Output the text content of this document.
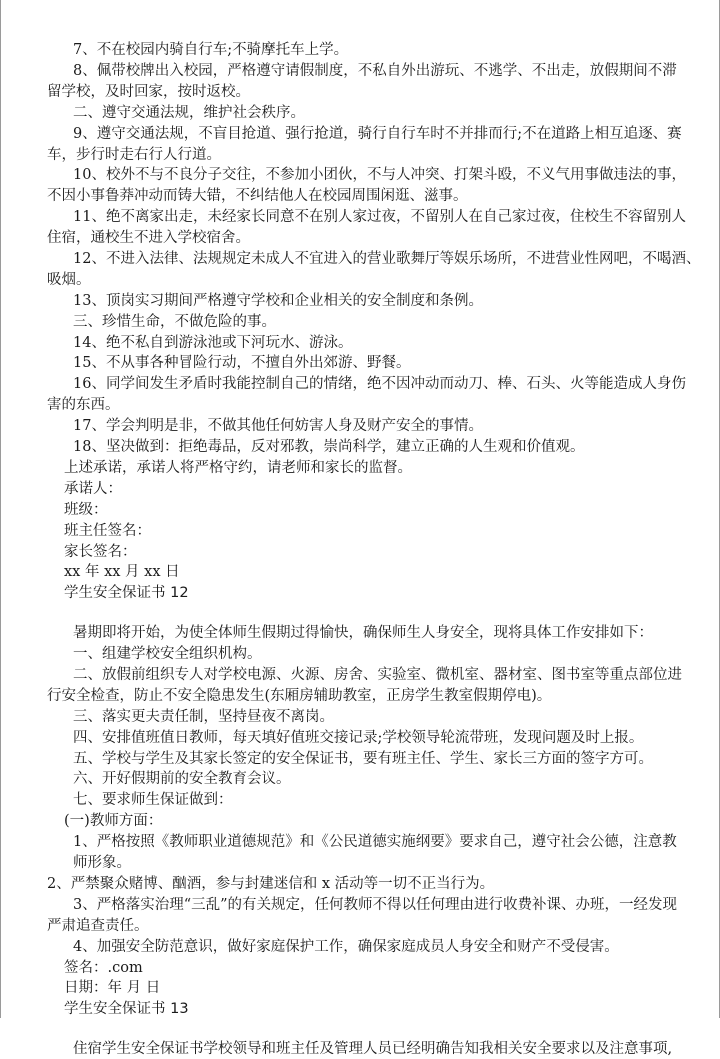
7、不在校园内骑自行车;不骑摩托车上学。
8、佩带校牌出入校园，严格遵守请假制度，不私自外出游玩、不逃学、不出走，放假期间不滞
留学校，及时回家，按时返校。
二、遵守交通法规，维护社会秩序。
9、遵守交通法规，不盲目抢道、强行抢道，骑行自行车时不并排而行;不在道路上相互追逐、赛
车，步行时走右行人行道。
10、校外不与不良分子交往，不参加小团伙，不与人冲突、打架斗殴，不义气用事做违法的事，
不因小事鲁莽冲动而铸大错，不纠结他人在校园周围闲逛、滋事。
11、绝不离家出走，未经家长同意不在别人家过夜，不留别人在自己家过夜，住校生不容留别人
住宿，通校生不进入学校宿舍。
12、不进入法律、法规规定未成人不宜进入的营业歌舞厅等娱乐场所，不进营业性网吧，不喝酒、
吸烟。
13、顶岗实习期间严格遵守学校和企业相关的安全制度和条例。
三、珍惜生命，不做危险的事。
14、绝不私自到游泳池或下河玩水、游泳。
15、不从事各种冒险行动，不擅自外出郊游、野餐。
16、同学间发生矛盾时我能控制自己的情绪，绝不因冲动而动刀、棒、石头、火等能造成人身伤
害的东西。
17、学会判明是非，不做其他任何妨害人身及财产安全的事情。
18、坚决做到：拒绝毒品，反对邪教，崇尚科学，建立正确的人生观和价值观。
上述承诺，承诺人将严格守约，请老师和家长的监督。
承诺人：
班级：
班主任签名：
家长签名：
xx 年 xx 月 xx 日
学生安全保证书 12
暑期即将开始，为使全体师生假期过得愉快，确保师生人身安全，现将具体工作安排如下：
一、组建学校安全组织机构。
二、放假前组织专人对学校电源、火源、房舍、实验室、微机室、器材室、图书室等重点部位进
行安全检查，防止不安全隐患发生(东厢房辅助教室，正房学生教室假期停电)。
三、落实更夫责任制，坚持昼夜不离岗。
四、安排值班值日教师，每天填好值班交接记录;学校领导轮流带班，发现问题及时上报。
五、学校与学生及其家长签定的安全保证书，要有班主任、学生、家长三方面的签字方可。
六、开好假期前的安全教育会议。
七、要求师生保证做到：
(一)教师方面：
1、严格按照《教师职业道德规范》和《公民道德实施纲要》要求自己，遵守社会公德，注意教
师形象。
2、严禁聚众赌博、酗酒，参与封建迷信和 x 活动等一切不正当行为。
3、严格落实治理“三乱”的有关规定，任何教师不得以任何理由进行收费补课、办班，一经发现
严肃追查责任。
4、加强安全防范意识，做好家庭保护工作，确保家庭成员人身安全和财产不受侵害。
签名：.com
日期：年 月 日
学生安全保证书 13
住宿学生安全保证书学校领导和班主任及管理人员已经明确告知我相关安全要求以及注意事项,
